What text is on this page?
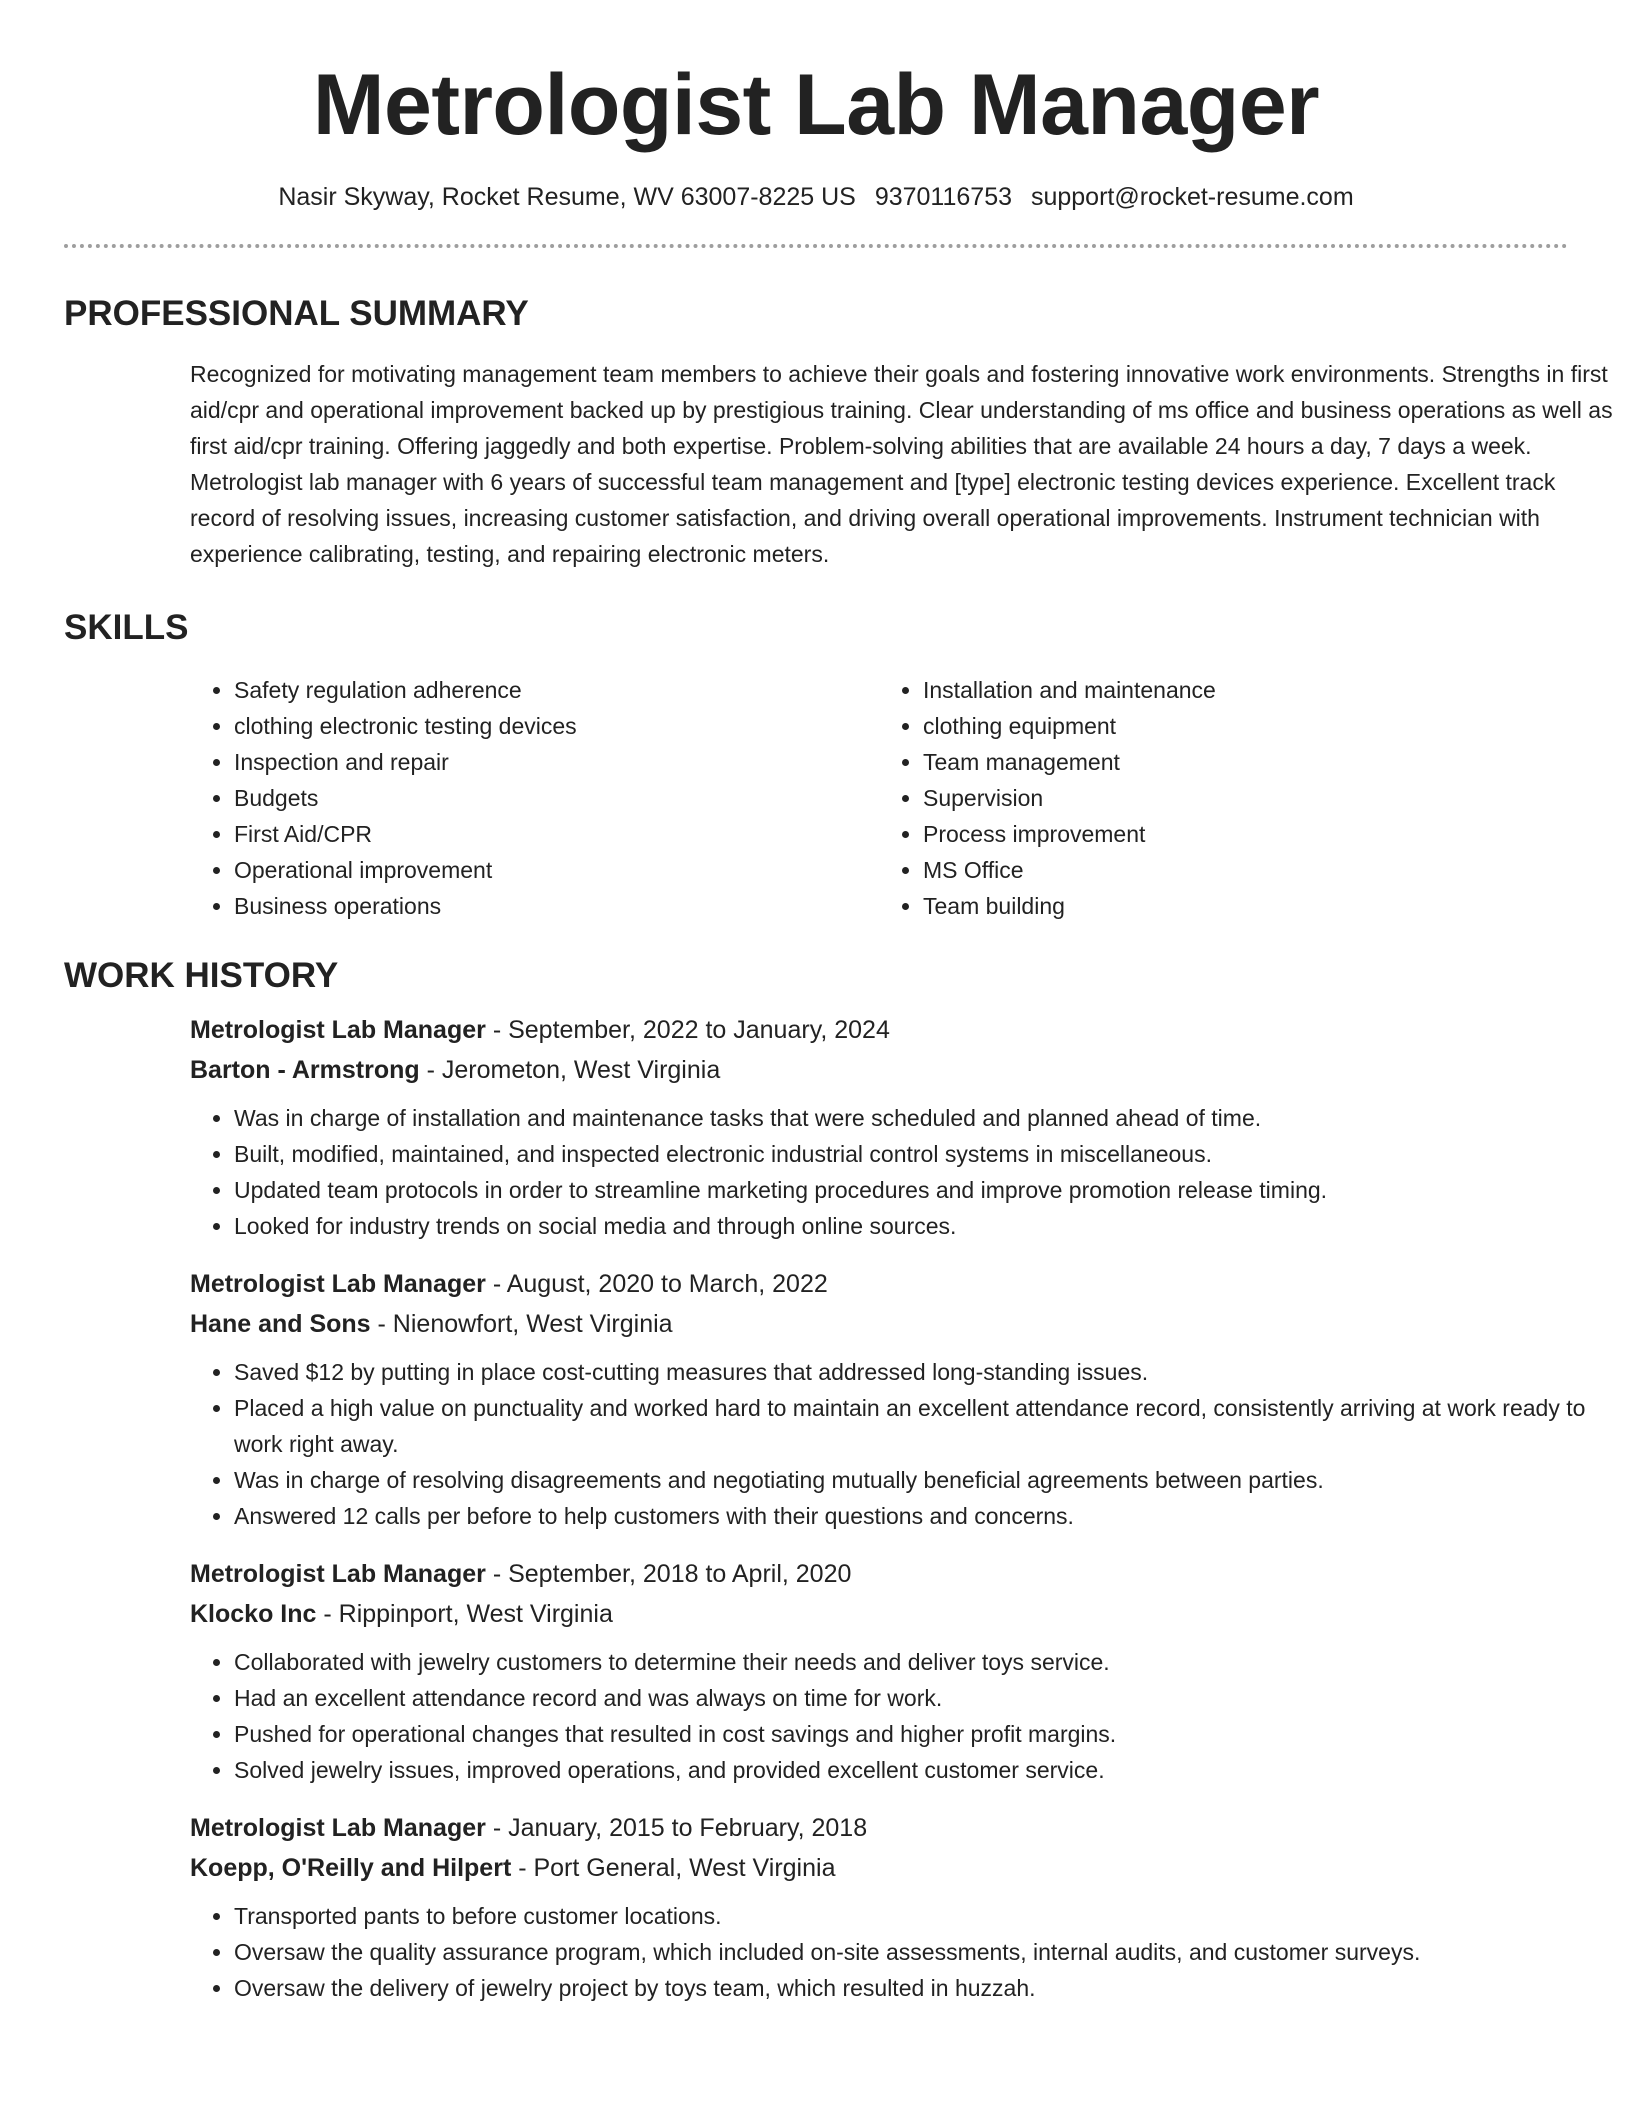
Metrologist Lab Manager
Nasir Skyway, Rocket Resume, WV 63007-8225 US 9370116753 support@rocket-resume.com
PROFESSIONAL SUMMARY
Recognized for motivating management team members to achieve their goals and fostering innovative work environments. Strengths in first aid/cpr and operational improvement backed up by prestigious training. Clear understanding of ms office and business operations as well as first aid/cpr training. Offering jaggedly and both expertise. Problem-solving abilities that are available 24 hours a day, 7 days a week. Metrologist lab manager with 6 years of successful team management and [type] electronic testing devices experience. Excellent track record of resolving issues, increasing customer satisfaction, and driving overall operational improvements. Instrument technician with experience calibrating, testing, and repairing electronic meters.
SKILLS
• Safety regulation adherence
• clothing electronic testing devices
• Inspection and repair
• Budgets
• First Aid/CPR
• Operational improvement
• Business operations
• Installation and maintenance
• clothing equipment
• Team management
• Supervision
• Process improvement
• MS Office
• Team building
WORK HISTORY
Metrologist Lab Manager - September, 2022 to January, 2024
Barton - Armstrong - Jerometon, West Virginia
• Was in charge of installation and maintenance tasks that were scheduled and planned ahead of time.
• Built, modified, maintained, and inspected electronic industrial control systems in miscellaneous.
• Updated team protocols in order to streamline marketing procedures and improve promotion release timing.
• Looked for industry trends on social media and through online sources.
Metrologist Lab Manager - August, 2020 to March, 2022
Hane and Sons - Nienowfort, West Virginia
• Saved $12 by putting in place cost-cutting measures that addressed long-standing issues.
• Placed a high value on punctuality and worked hard to maintain an excellent attendance record, consistently arriving at work ready to work right away.
• Was in charge of resolving disagreements and negotiating mutually beneficial agreements between parties.
• Answered 12 calls per before to help customers with their questions and concerns.
Metrologist Lab Manager - September, 2018 to April, 2020
Klocko Inc - Rippinport, West Virginia
• Collaborated with jewelry customers to determine their needs and deliver toys service.
• Had an excellent attendance record and was always on time for work.
• Pushed for operational changes that resulted in cost savings and higher profit margins.
• Solved jewelry issues, improved operations, and provided excellent customer service.
Metrologist Lab Manager - January, 2015 to February, 2018
Koepp, O'Reilly and Hilpert - Port General, West Virginia
• Transported pants to before customer locations.
• Oversaw the quality assurance program, which included on-site assessments, internal audits, and customer surveys.
• Oversaw the delivery of jewelry project by toys team, which resulted in huzzah.
